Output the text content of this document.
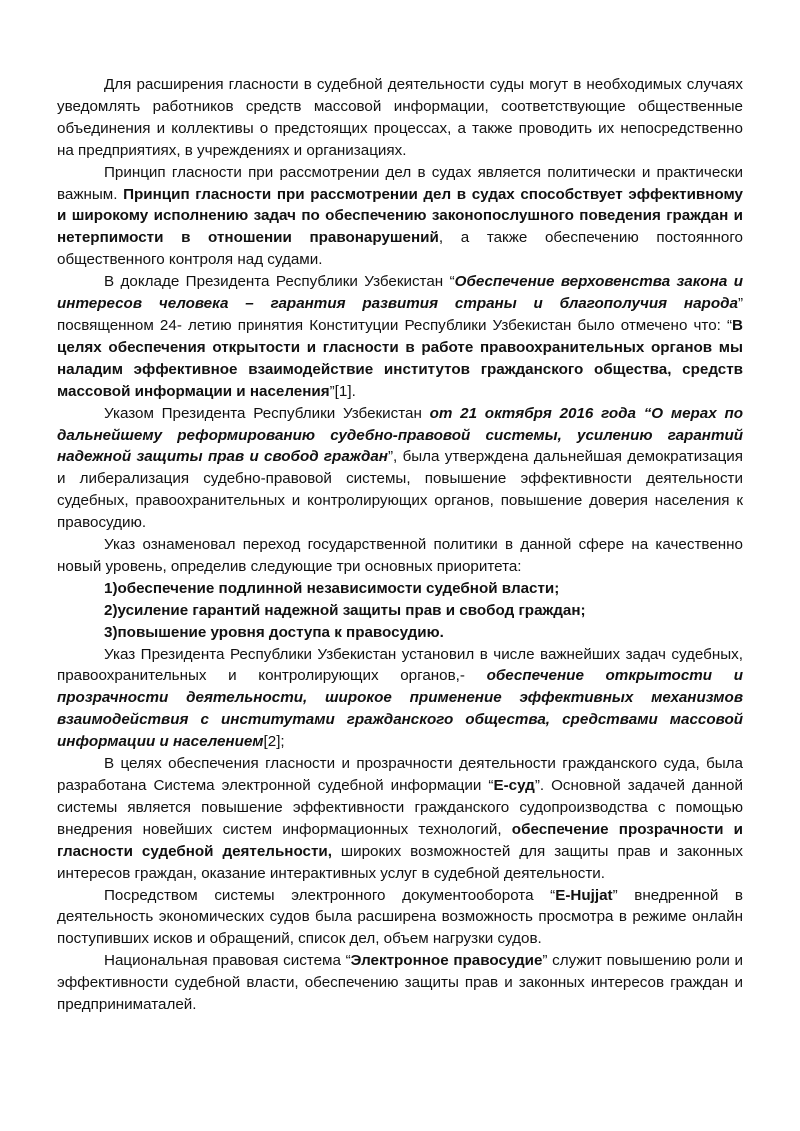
Для расширения гласности в судебной деятельности суды могут в необходимых случаях уведомлять работников средств массовой информации, соответствующие общественные объединения и коллективы о предстоящих процессах, а также проводить их непосредственно на предприятиях, в учреждениях и организациях.

Принцип гласности при рассмотрении дел в судах является политически и практически важным. Принцип гласности при рассмотрении дел в судах способствует эффективному и широкому исполнению задач по обеспечению законопослушного поведения граждан и нетерпимости в отношении правонарушений, а также обеспечению постоянного общественного контроля над судами.

В докладе Президента Республики Узбекистан “Обеспечение верховенства закона и интересов человека – гарантия развития страны и благополучия народа” посвященном 24- летию принятия Конституции Республики Узбекистан было отмечено что: “В целях обеспечения открытости и гласности в работе правоохранительных органов мы наладим эффективное взаимодействие институтов гражданского общества, средств массовой информации и населения”[1].

Указом Президента Республики Узбекистан от 21 октября 2016 года “О мерах по дальнейшему реформированию судебно-правовой системы, усилению гарантий надежной защиты прав и свобод граждан”, была утверждена дальнейшая демократизация и либерализация судебно-правовой системы, повышение эффективности деятельности судебных, правоохранительных и контролирующих органов, повышение доверия населения к правосудию.

Указ ознаменовал переход государственной политики в данной сфере на качественно новый уровень, определив следующие три основных приоритета:

1)обеспечение подлинной независимости судебной власти;

2)усиление гарантий надежной защиты прав и свобод граждан;

3)повышение уровня доступа к правосудию.

Указ Президента Республики Узбекистан установил в числе важнейших задач судебных, правоохранительных и контролирующих органов,- обеспечение открытости и прозрачности деятельности, широкое применение эффективных механизмов взаимодействия с институтами гражданского общества, средствами массовой информации и населением[2];

В целях обеспечения гласности и прозрачности деятельности гражданского суда, была разработана Система электронной судебной информации “Е-суд”. Основной задачей данной системы является повышение эффективности гражданского судопроизводства с помощью внедрения новейших систем информационных технологий, обеспечение прозрачности и гласности судебной деятельности, широких возможностей для защиты прав и законных интересов граждан, оказание интерактивных услуг в судебной деятельности.

Посредством системы электронного документооборота “E-Hujjat” внедренной в деятельность экономических судов была расширена возможность просмотра в режиме онлайн поступивших исков и обращений, список дел, объем нагрузки судов.

Национальная правовая система “Электронное правосудие” служит повышению роли и эффективности судебной власти, обеспечению защиты прав и законных интересов граждан и предприниматалей.
